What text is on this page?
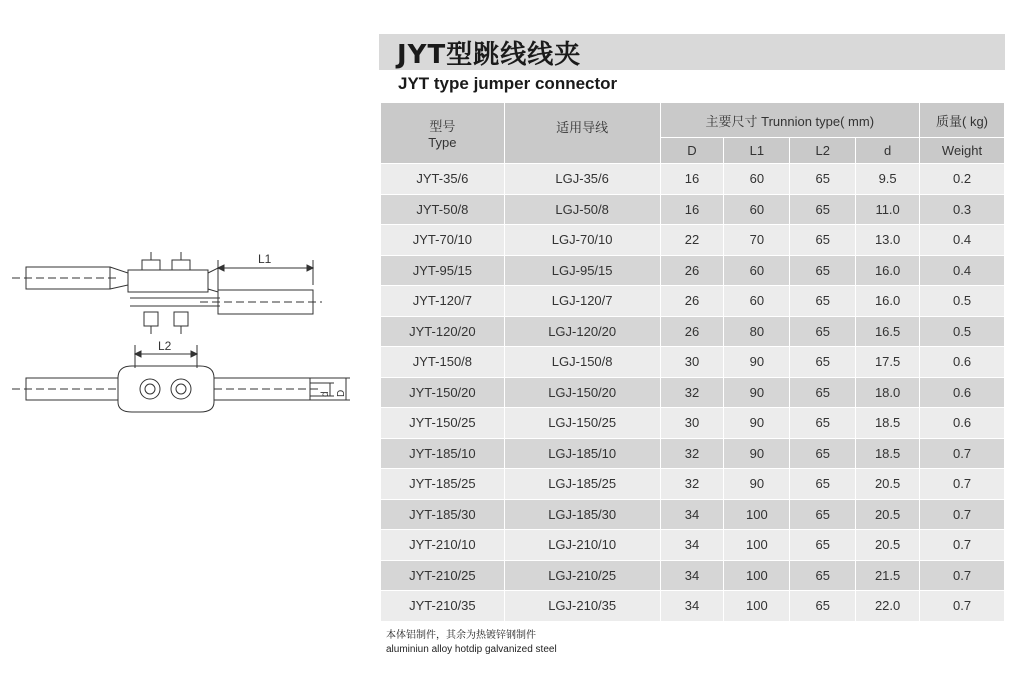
JYT型跳线线夹
JYT type jumper connector
L1
L2
d D
型号
Type	适用导线	主要尺寸 Trunnion type( mm)				质量( kg)
		D	L1	L2	d	Weight
JYT-35/6	LGJ-35/6	16	60	65	9.5	0.2
JYT-50/8	LGJ-50/8	16	60	65	11.0	0.3
JYT-70/10	LGJ-70/10	22	70	65	13.0	0.4
JYT-95/15	LGJ-95/15	26	60	65	16.0	0.4
JYT-120/7	LGJ-120/7	26	60	65	16.0	0.5
JYT-120/20	LGJ-120/20	26	80	65	16.5	0.5
JYT-150/8	LGJ-150/8	30	90	65	17.5	0.6
JYT-150/20	LGJ-150/20	32	90	65	18.0	0.6
JYT-150/25	LGJ-150/25	30	90	65	18.5	0.6
JYT-185/10	LGJ-185/10	32	90	65	18.5	0.7
JYT-185/25	LGJ-185/25	32	90	65	20.5	0.7
JYT-185/30	LGJ-185/30	34	100	65	20.5	0.7
JYT-210/10	LGJ-210/10	34	100	65	20.5	0.7
JYT-210/25	LGJ-210/25	34	100	65	21.5	0.7
JYT-210/35	LGJ-210/35	34	100	65	22.0	0.7
本体铝制件，其余为热镀锌钢制件
aluminiun alloy hotdip galvanized steel
